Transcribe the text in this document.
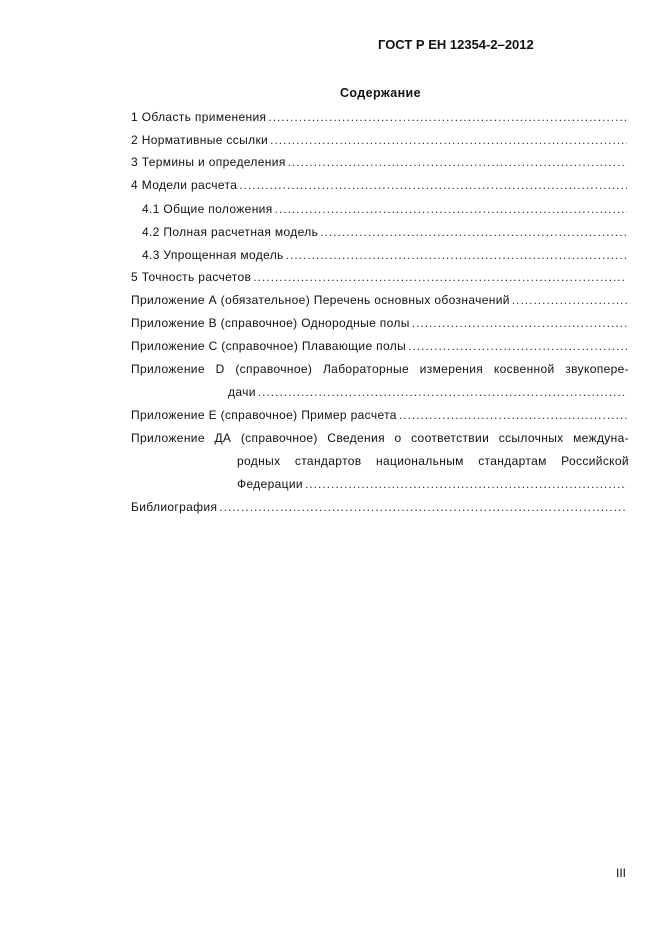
ГОСТ Р ЕН 12354-2–2012
Содержание
1 Область применения
.....
2 Нормативные ссылки
.....
3 Термины и определения
.....
4 Модели расчета
.....
4.1 Общие положения
.....
4.2 Полная расчетная модель
.....
4.3 Упрощенная модель
.....
5 Точность расчетов
.....
Приложение А (обязательное) Перечень основных обозначений
.....
Приложение В (справочное) Однородные полы
.....
Приложение С (справочное) Плавающие полы
.....
Приложение D (справочное) Лабораторные измерения косвенной звукопере-
дачи
.....
Приложение Е (справочное) Пример расчета
.....
Приложение ДА (справочное) Сведения о соответствии ссылочных междуна-
родных стандартов национальным стандартам Российской
Федерации
.....
Библиография
.....
III
